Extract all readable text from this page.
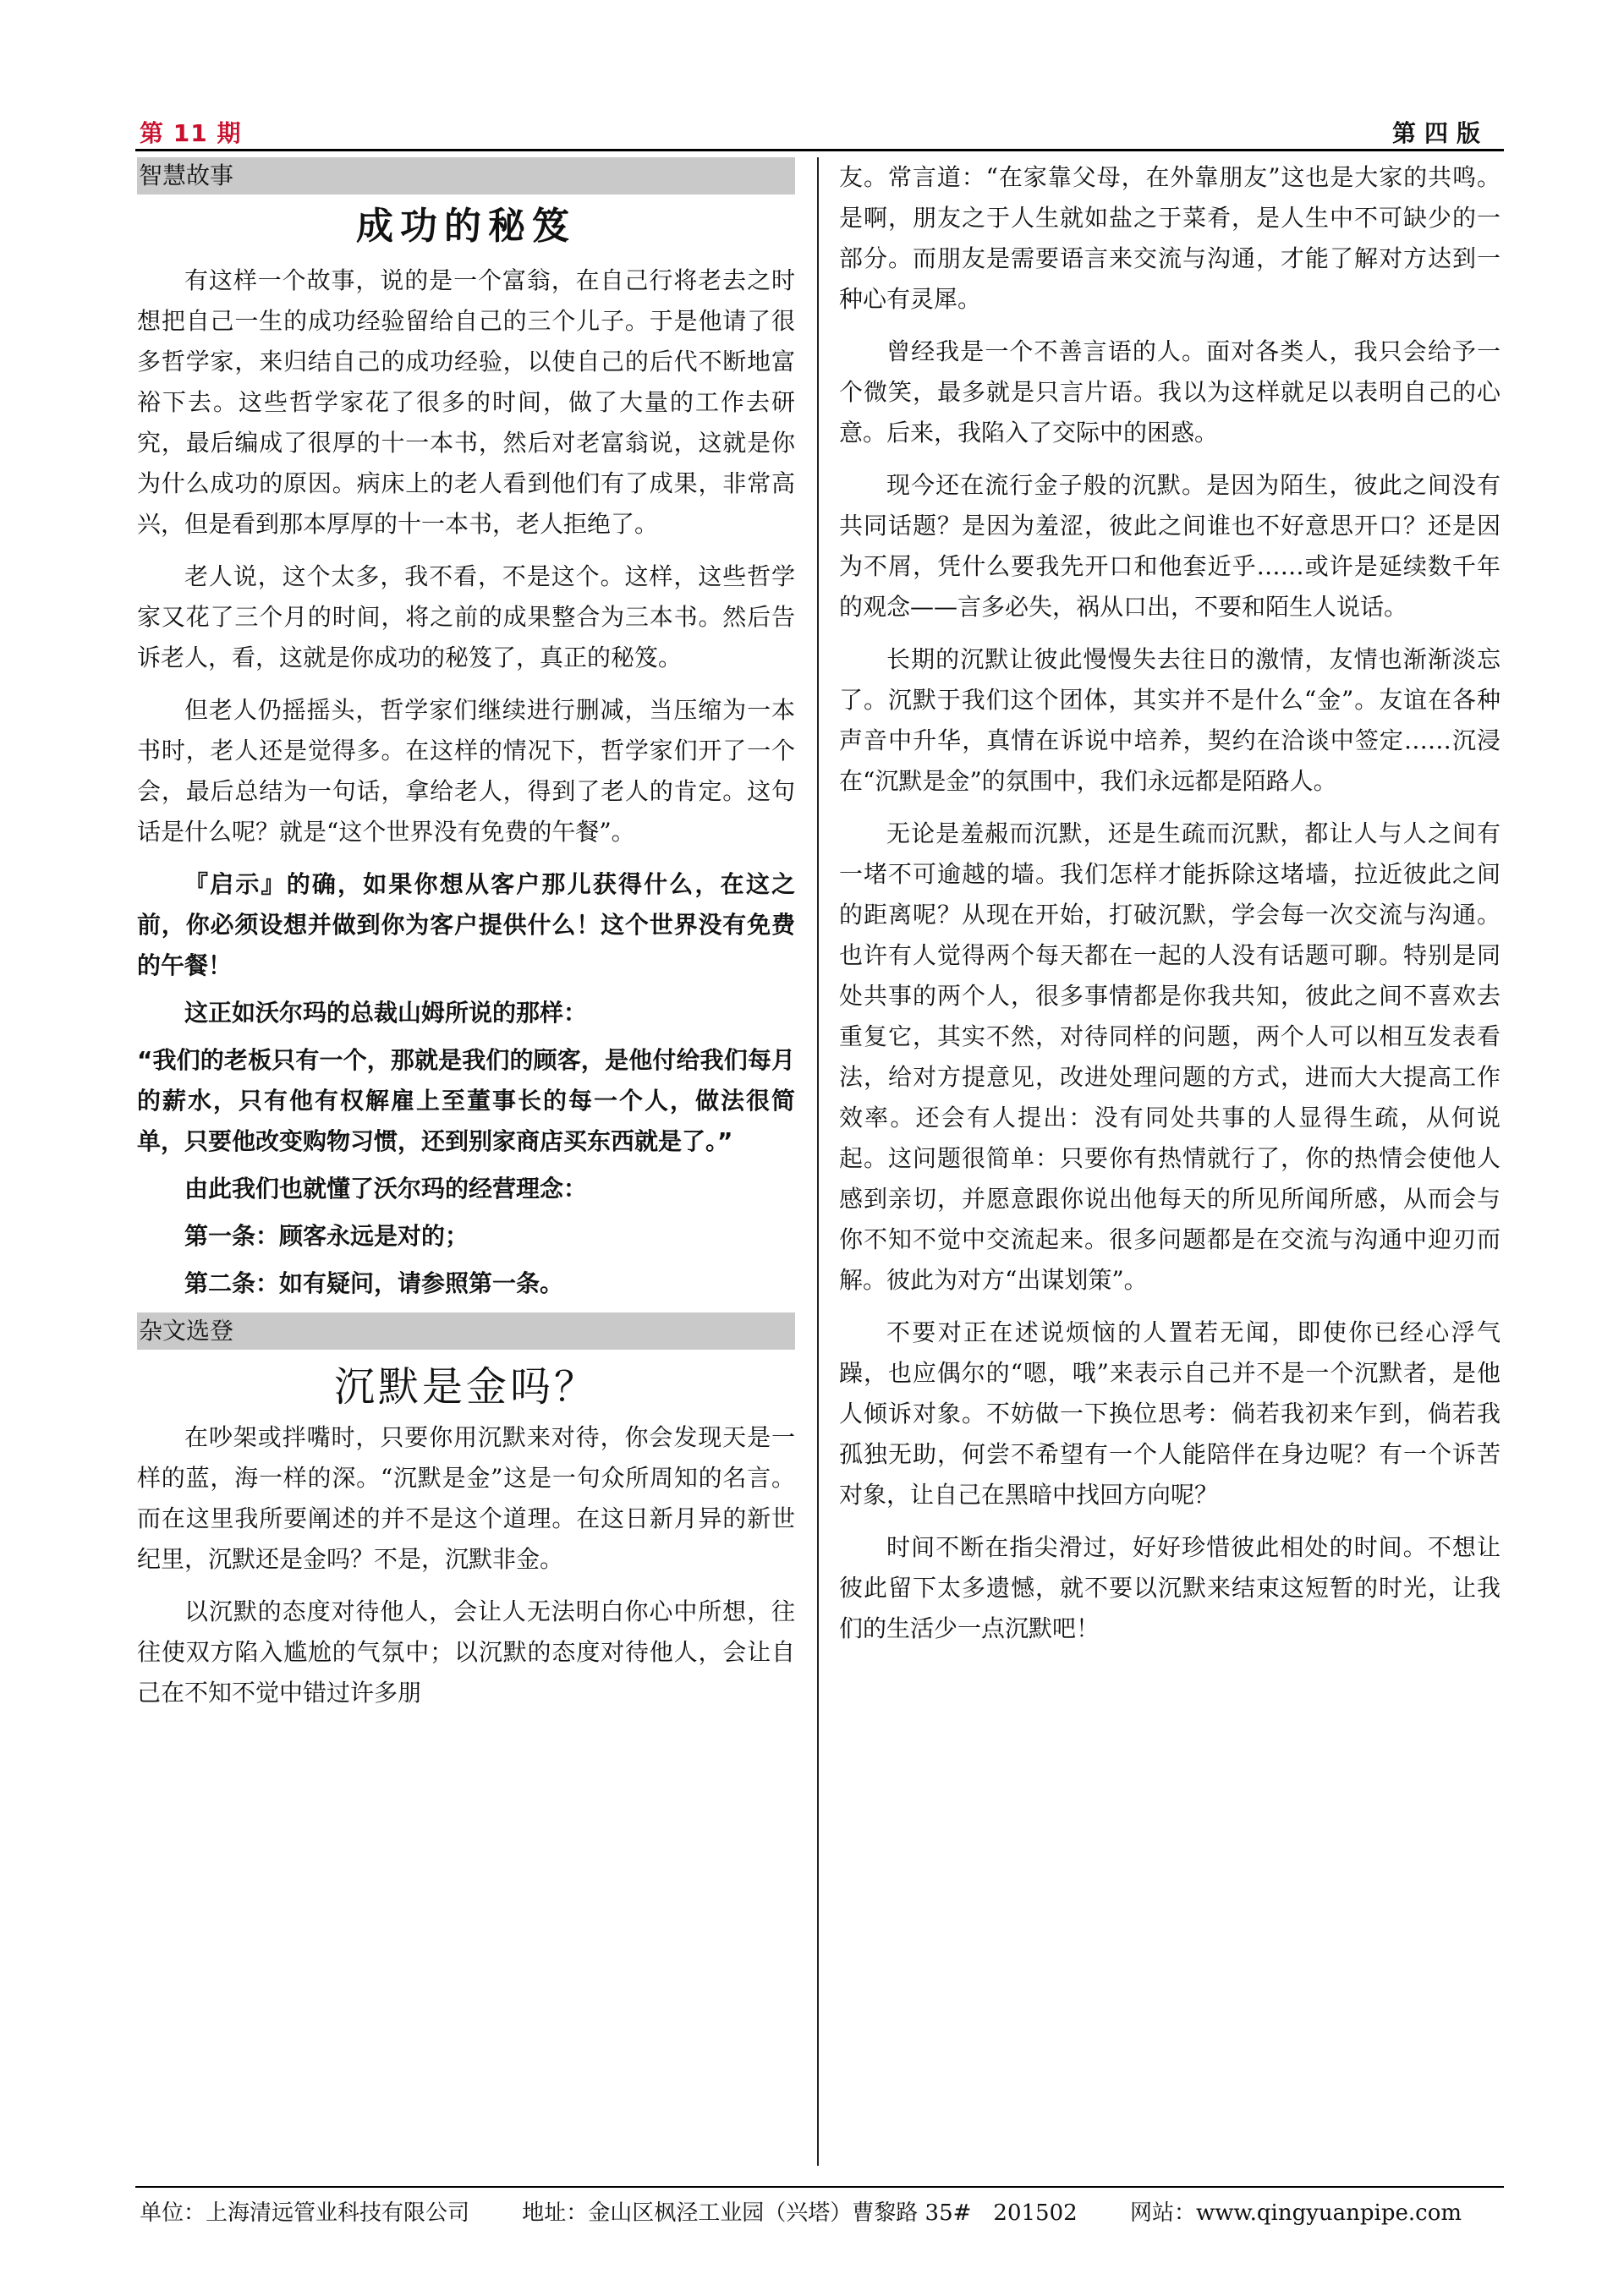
第 11 期	第四版
智慧故事
成功的秘笈

有这样一个故事，说的是一个富翁，在自己行将老去之时想把自己一生的成功经验留给自己的三个儿子。于是他请了很多哲学家，来归结自己的成功经验，以使自己的后代不断地富裕下去。这些哲学家花了很多的时间，做了大量的工作去研究，最后编成了很厚的十一本书，然后对老富翁说，这就是你为什么成功的原因。病床上的老人看到他们有了成果，非常高兴，但是看到那本厚厚的十一本书，老人拒绝了。

老人说，这个太多，我不看，不是这个。这样，这些哲学家又花了三个月的时间，将之前的成果整合为三本书。然后告诉老人，看，这就是你成功的秘笈了，真正的秘笈。

但老人仍摇摇头，哲学家们继续进行删减，当压缩为一本书时，老人还是觉得多。在这样的情况下，哲学家们开了一个会，最后总结为一句话，拿给老人，得到了老人的肯定。这句话是什么呢？就是“这个世界没有免费的午餐”。

『启示』的确，如果你想从客户那儿获得什么，在这之前，你必须设想并做到你为客户提供什么！这个世界没有免费的午餐！

这正如沃尔玛的总裁山姆所说的那样：

“我们的老板只有一个，那就是我们的顾客，是他付给我们每月的薪水，只有他有权解雇上至董事长的每一个人，做法很简单，只要他改变购物习惯，还到别家商店买东西就是了。”

由此我们也就懂了沃尔玛的经营理念：

第一条：顾客永远是对的；

第二条：如有疑问，请参照第一条。

杂文选登
沉默是金吗？

在吵架或拌嘴时，只要你用沉默来对待，你会发现天是一样的蓝，海一样的深。“沉默是金”这是一句众所周知的名言。而在这里我所要阐述的并不是这个道理。在这日新月异的新世纪里，沉默还是金吗？不是，沉默非金。

以沉默的态度对待他人，会让人无法明白你心中所想，往往使双方陷入尴尬的气氛中；以沉默的态度对待他人，会让自己在不知不觉中错过许多朋

友。常言道：“在家靠父母，在外靠朋友”这也是大家的共鸣。是啊，朋友之于人生就如盐之于菜肴，是人生中不可缺少的一部分。而朋友是需要语言来交流与沟通，才能了解对方达到一种心有灵犀。

曾经我是一个不善言语的人。面对各类人，我只会给予一个微笑，最多就是只言片语。我以为这样就足以表明自己的心意。后来，我陷入了交际中的困惑。

现今还在流行金子般的沉默。是因为陌生，彼此之间没有共同话题？是因为羞涩，彼此之间谁也不好意思开口？还是因为不屑，凭什么要我先开口和他套近乎……或许是延续数千年的观念——言多必失，祸从口出，不要和陌生人说话。

长期的沉默让彼此慢慢失去往日的激情，友情也渐渐淡忘了。沉默于我们这个团体，其实并不是什么“金”。友谊在各种声音中升华，真情在诉说中培养，契约在洽谈中签定……沉浸在“沉默是金”的氛围中，我们永远都是陌路人。

无论是羞赧而沉默，还是生疏而沉默，都让人与人之间有一堵不可逾越的墙。我们怎样才能拆除这堵墙，拉近彼此之间的距离呢？从现在开始，打破沉默，学会每一次交流与沟通。也许有人觉得两个每天都在一起的人没有话题可聊。特别是同处共事的两个人，很多事情都是你我共知，彼此之间不喜欢去重复它，其实不然，对待同样的问题，两个人可以相互发表看法，给对方提意见，改进处理问题的方式，进而大大提高工作效率。还会有人提出：没有同处共事的人显得生疏，从何说起。这问题很简单：只要你有热情就行了，你的热情会使他人感到亲切，并愿意跟你说出他每天的所见所闻所感，从而会与你不知不觉中交流起来。很多问题都是在交流与沟通中迎刃而解。彼此为对方“出谋划策”。

不要对正在述说烦恼的人置若无闻，即使你已经心浮气躁，也应偶尔的“嗯，哦”来表示自己并不是一个沉默者，是他人倾诉对象。不妨做一下换位思考：倘若我初来乍到，倘若我孤独无助，何尝不希望有一个人能陪伴在身边呢？有一个诉苦对象，让自己在黑暗中找回方向呢？

时间不断在指尖滑过，好好珍惜彼此相处的时间。不想让彼此留下太多遗憾，就不要以沉默来结束这短暂的时光，让我们的生活少一点沉默吧！

单位：上海清远管业科技有限公司 地址：金山区枫泾工业园（兴塔）曹黎路 35#　201502 网站：www.qingyuanpipe.com
